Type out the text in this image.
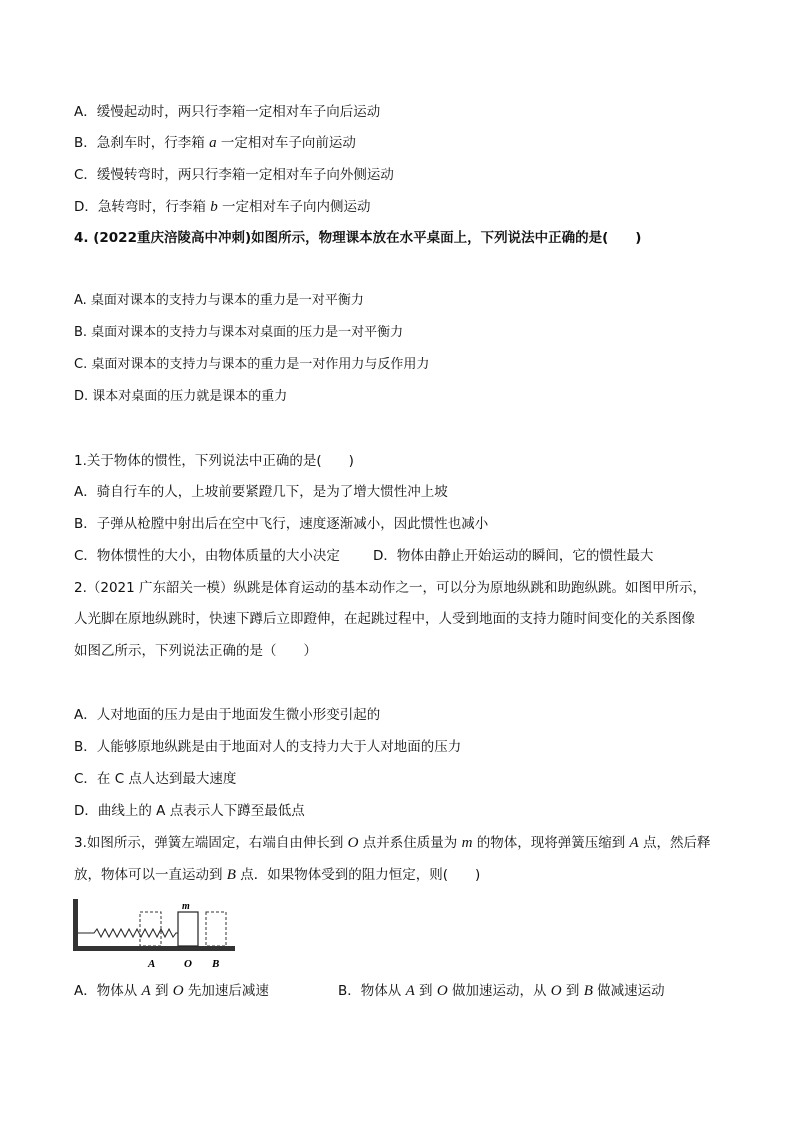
A．缓慢起动时，两只行李箱一定相对车子向后运动
B．急刹车时，行李箱 a 一定相对车子向前运动
C．缓慢转弯时，两只行李箱一定相对车子向外侧运动
D．急转弯时，行李箱 b 一定相对车子向内侧运动
4. (2022重庆涪陵高中冲刺)如图所示，物理课本放在水平桌面上，下列说法中正确的是(　　)
A. 桌面对课本的支持力与课本的重力是一对平衡力
B. 桌面对课本的支持力与课本对桌面的压力是一对平衡力
C. 桌面对课本的支持力与课本的重力是一对作用力与反作用力
D. 课本对桌面的压力就是课本的重力
1.关于物体的惯性，下列说法中正确的是(　　)
A．骑自行车的人，上坡前要紧蹬几下，是为了增大惯性冲上坡
B．子弹从枪膛中射出后在空中飞行，速度逐渐减小，因此惯性也减小
C．物体惯性的大小，由物体质量的大小决定 D．物体由静止开始运动的瞬间，它的惯性最大
2.（2021 广东韶关一模）纵跳是体育运动的基本动作之一，可以分为原地纵跳和助跑纵跳。如图甲所示，
人光脚在原地纵跳时，快速下蹲后立即蹬伸，在起跳过程中，人受到地面的支持力随时间变化的关系图像
如图乙所示，下列说法正确的是（　　）
A．人对地面的压力是由于地面发生微小形变引起的
B．人能够原地纵跳是由于地面对人的支持力大于人对地面的压力
C．在 C 点人达到最大速度
D．曲线上的 A 点表示人下蹲至最低点
3.如图所示，弹簧左端固定，右端自由伸长到 O 点并系住质量为 m 的物体，现将弹簧压缩到 A 点，然后释
放，物体可以一直运动到 B 点．如果物体受到的阻力恒定，则(　　)
m
A	O B
A．物体从 A 到 O 先加速后减速	B．物体从 A 到 O 做加速运动，从 O 到 B 做减速运动
